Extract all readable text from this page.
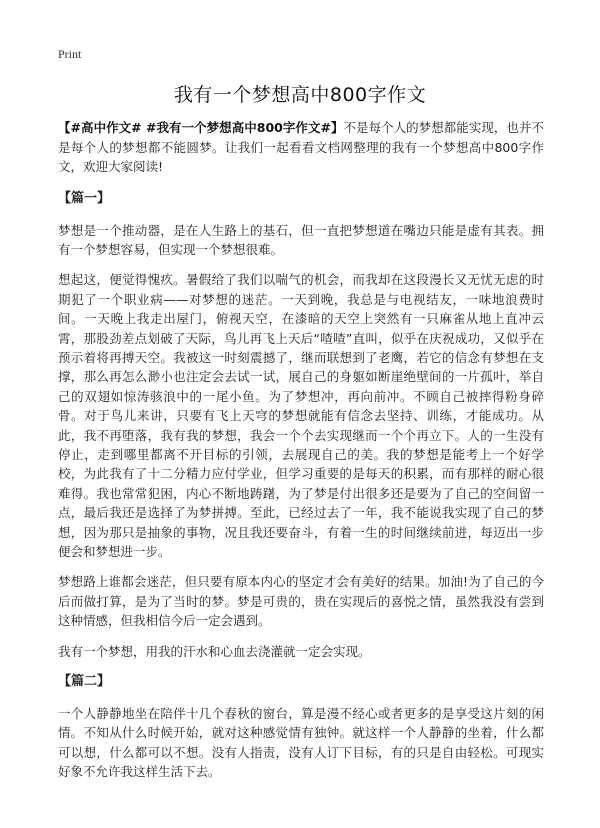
Print
我有一个梦想高中800字作文

【#高中作文# #我有一个梦想高中800字作文#】不是每个人的梦想都能实现，也并不是每个人的梦想都不能圆梦。让我们一起看看文档网整理的我有一个梦想高中800字作文，欢迎大家阅读!

【篇一】

梦想是一个推动器，是在人生路上的基石，但一直把梦想道在嘴边只能是虚有其表。拥有一个梦想容易，但实现一个梦想很难。

想起这，便觉得愧疚。暑假给了我们以喘气的机会，而我却在这段漫长又无忧无虑的时期犯了一个职业病——对梦想的迷茫。一天到晚，我总是与电视结友，一味地浪费时间。一天晚上我走出屋门，俯视天空，在漆暗的天空上突然有一只麻雀从地上直冲云霄，那股劲差点划破了天际，鸟儿再飞上天后“喳喳”直叫，似乎在庆祝成功，又似乎在预示着将再搏天空。我被这一时刻震撼了，继而联想到了老鹰，若它的信念有梦想在支撑，那么再怎么渺小也注定会去试一试，展自己的身躯如断崖绝壁间的一片孤叶，举自己的双翅如惊涛骇浪中的一尾小鱼。为了梦想冲，再向前冲。不顾自己被摔得粉身碎骨。对于鸟儿来讲，只要有飞上天穹的梦想就能有信念去坚持、训练，才能成功。从此，我不再堕落，我有我的梦想，我会一个个去实现继而一个个再立下。人的一生没有停止，走到哪里都离不开目标的引领，去展现自己的美。我的梦想是能考上一个好学校，为此我有了十二分精力应付学业，但学习重要的是每天的积累，而有那样的耐心很难得。我也常常犯困，内心不断地踌躇，为了梦是付出很多还是要为了自己的空间留一点，最后我还是选择了为梦拼搏。至此，已经过去了一年，我不能说我实现了自己的梦想，因为那只是抽象的事物，况且我还要奋斗，有着一生的时间继续前进，每迈出一步便会和梦想进一步。

梦想路上谁都会迷茫，但只要有原本内心的坚定才会有美好的结果。加油!为了自己的今后而做打算，是为了当时的梦。梦是可贵的，贵在实现后的喜悦之情，虽然我没有尝到这种情感，但我相信今后一定会遇到。

我有一个梦想，用我的汗水和心血去浇灌就一定会实现。

【篇二】

一个人静静地坐在陪伴十几个春秋的窗台，算是漫不经心或者更多的是享受这片刻的闲情。不知从什么时候开始，就对这种感觉情有独钟。就这样一个人静静的坐着，什么都可以想，什么都可以不想。没有人指责，没有人订下目标，有的只是自由轻松。可现实好象不允许我这样生活下去。
